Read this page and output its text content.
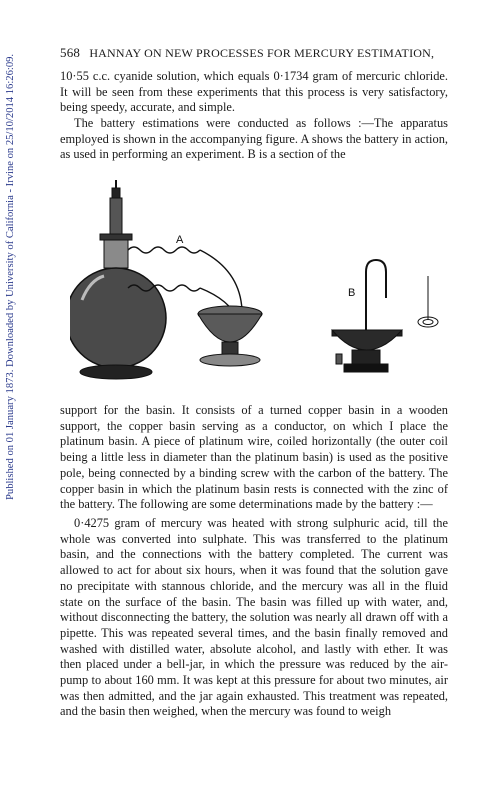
Published on 01 January 1873. Downloaded by University of California - Irvine on 25/10/2014 16:26:09.
568 HANNAY ON NEW PROCESSES FOR MERCURY ESTIMATION,

10·55 c.c. cyanide solution, which equals 0·1734 gram of mercuric chloride. It will be seen from these experiments that this process is very satisfactory, being speedy, accurate, and simple.

The battery estimations were conducted as follows :—The apparatus employed is shown in the accompanying figure. A shows the battery in action, as used in performing an experiment. B is a section of the

A
B

support for the basin. It consists of a turned copper basin in a wooden support, the copper basin serving as a conductor, on which I place the platinum basin. A piece of platinum wire, coiled horizontally (the outer coil being a little less in diameter than the platinum basin) is used as the positive pole, being connected by a binding screw with the carbon of the battery. The copper basin in which the platinum basin rests is connected with the zinc of the battery. The following are some determinations made by the battery :—

0·4275 gram of mercury was heated with strong sulphuric acid, till the whole was converted into sulphate. This was transferred to the platinum basin, and the connections with the battery completed. The current was allowed to act for about six hours, when it was found that the solution gave no precipitate with stannous chloride, and the mercury was all in the fluid state on the surface of the basin. The basin was filled up with water, and, without disconnecting the battery, the solution was nearly all drawn off with a pipette. This was repeated several times, and the basin finally removed and washed with distilled water, absolute alcohol, and lastly with ether. It was then placed under a bell-jar, in which the pressure was reduced by the air-pump to about 160 mm. It was kept at this pressure for about two minutes, air was then admitted, and the jar again exhausted. This treatment was repeated, and the basin then weighed, when the mercury was found to weigh
